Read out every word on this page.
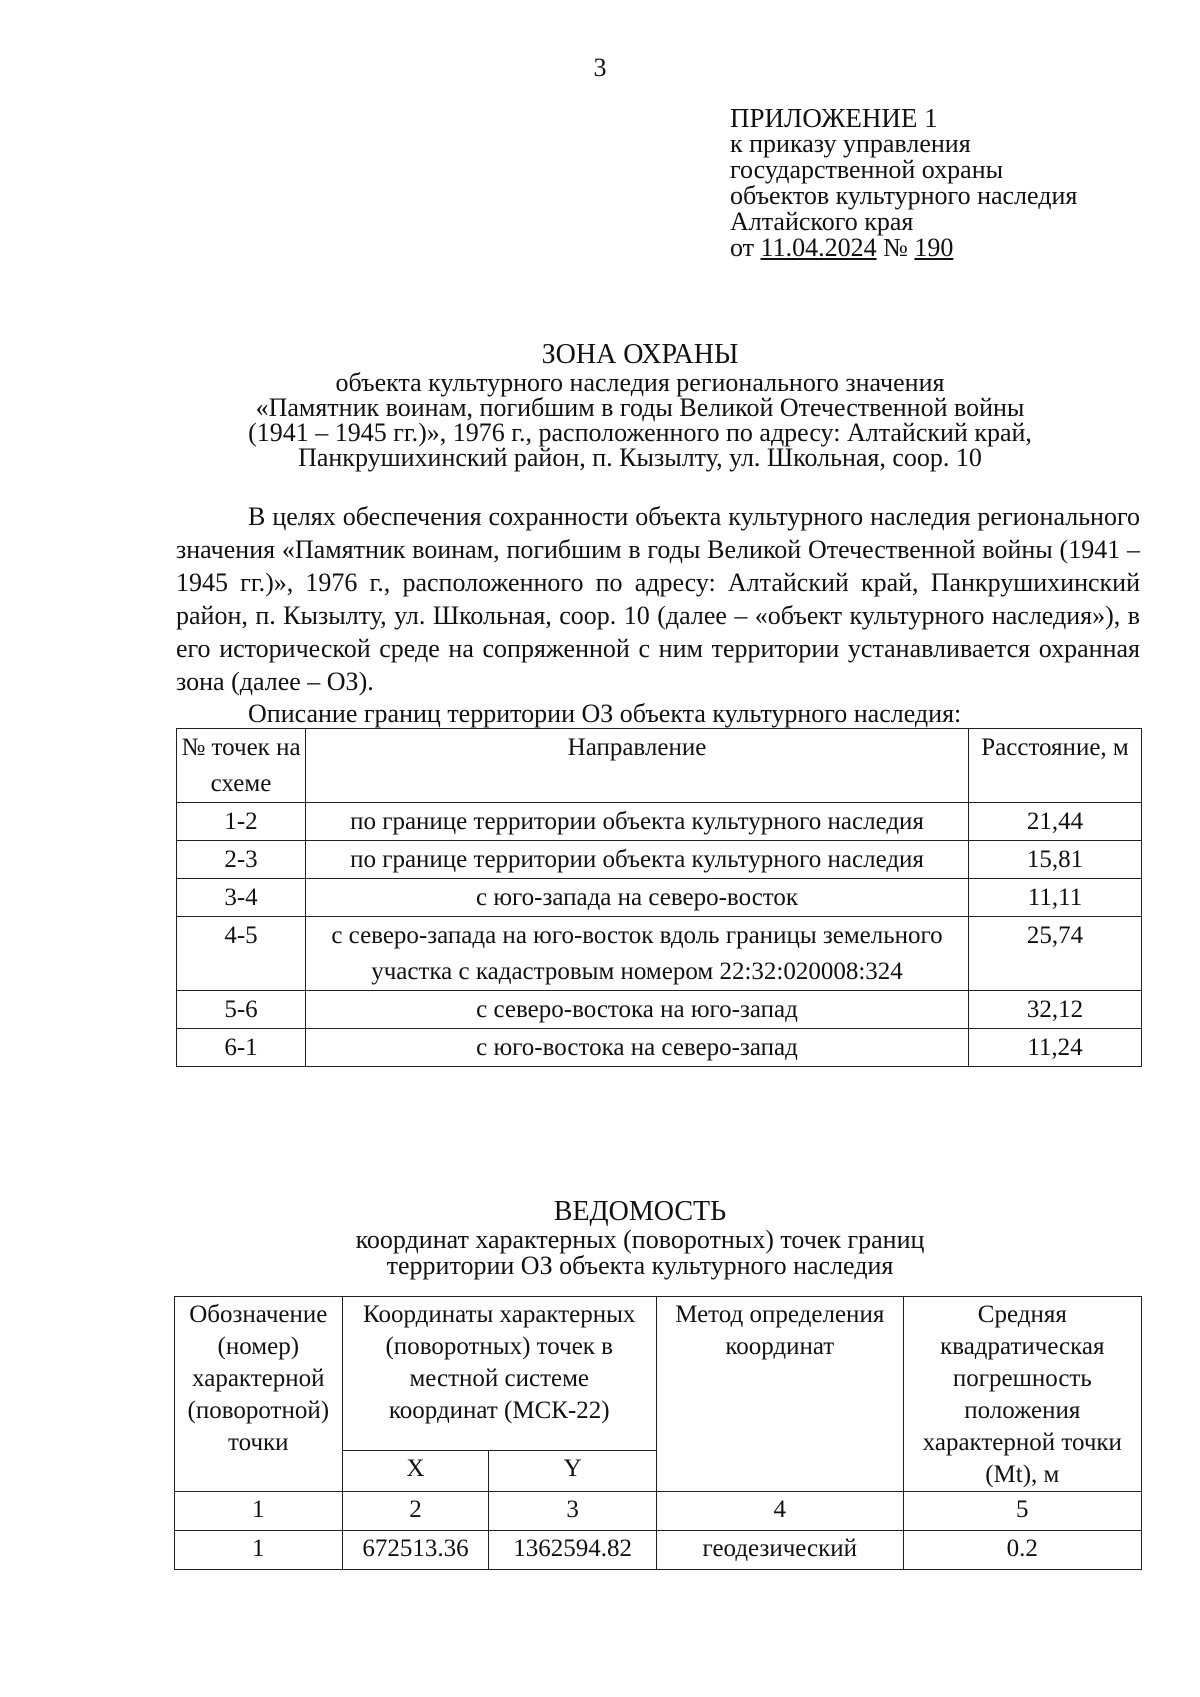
3
ПРИЛОЖЕНИЕ 1
к приказу управления
государственной охраны
объектов культурного наследия
Алтайского края
от 11.04.2024 № 190
ЗОНА ОХРАНЫ
объекта культурного наследия регионального значения
«Памятник воинам, погибшим в годы Великой Отечественной войны
(1941 – 1945 гг.)», 1976 г., расположенного по адресу: Алтайский край,
Панкрушихинский район, п. Кызылту, ул. Школьная, соор. 10

В целях обеспечения сохранности объекта культурного наследия регионального значения «Памятник воинам, погибшим в годы Великой Отечественной войны (1941 – 1945 гг.)», 1976 г., расположенного по адресу: Алтайский край, Панкрушихинский район, п. Кызылту, ул. Школьная, соор. 10 (далее – «объект культурного наследия»), в его исторической среде на сопряженной с ним территории устанавливается охранная зона (далее – ОЗ).

Описание границ территории ОЗ объекта культурного наследия:

№ точек на схеме	Направление	Расстояние, м
1-2	по границе территории объекта культурного наследия	21,44
2-3	по границе территории объекта культурного наследия	15,81
3-4	с юго-запада на северо-восток	11,11
4-5	с северо-запада на юго-восток вдоль границы земельного участка с кадастровым номером 22:32:020008:324	25,74
5-6	с северо-востока на юго-запад	32,12
6-1	с юго-востока на северо-запад	11,24
ВЕДОМОСТЬ
координат характерных (поворотных) точек границ
территории ОЗ объекта культурного наследия
Обозначение (номер) характерной (поворотной) точки	Координаты характерных (поворотных) точек в местной системе координат (МСК-22)		Метод определения координат	Средняя квадратическая погрешность положения характерной точки (Mt), м
	X	Y		
1	2	3	4	5
1	672513.36	1362594.82	геодезический	0.2
